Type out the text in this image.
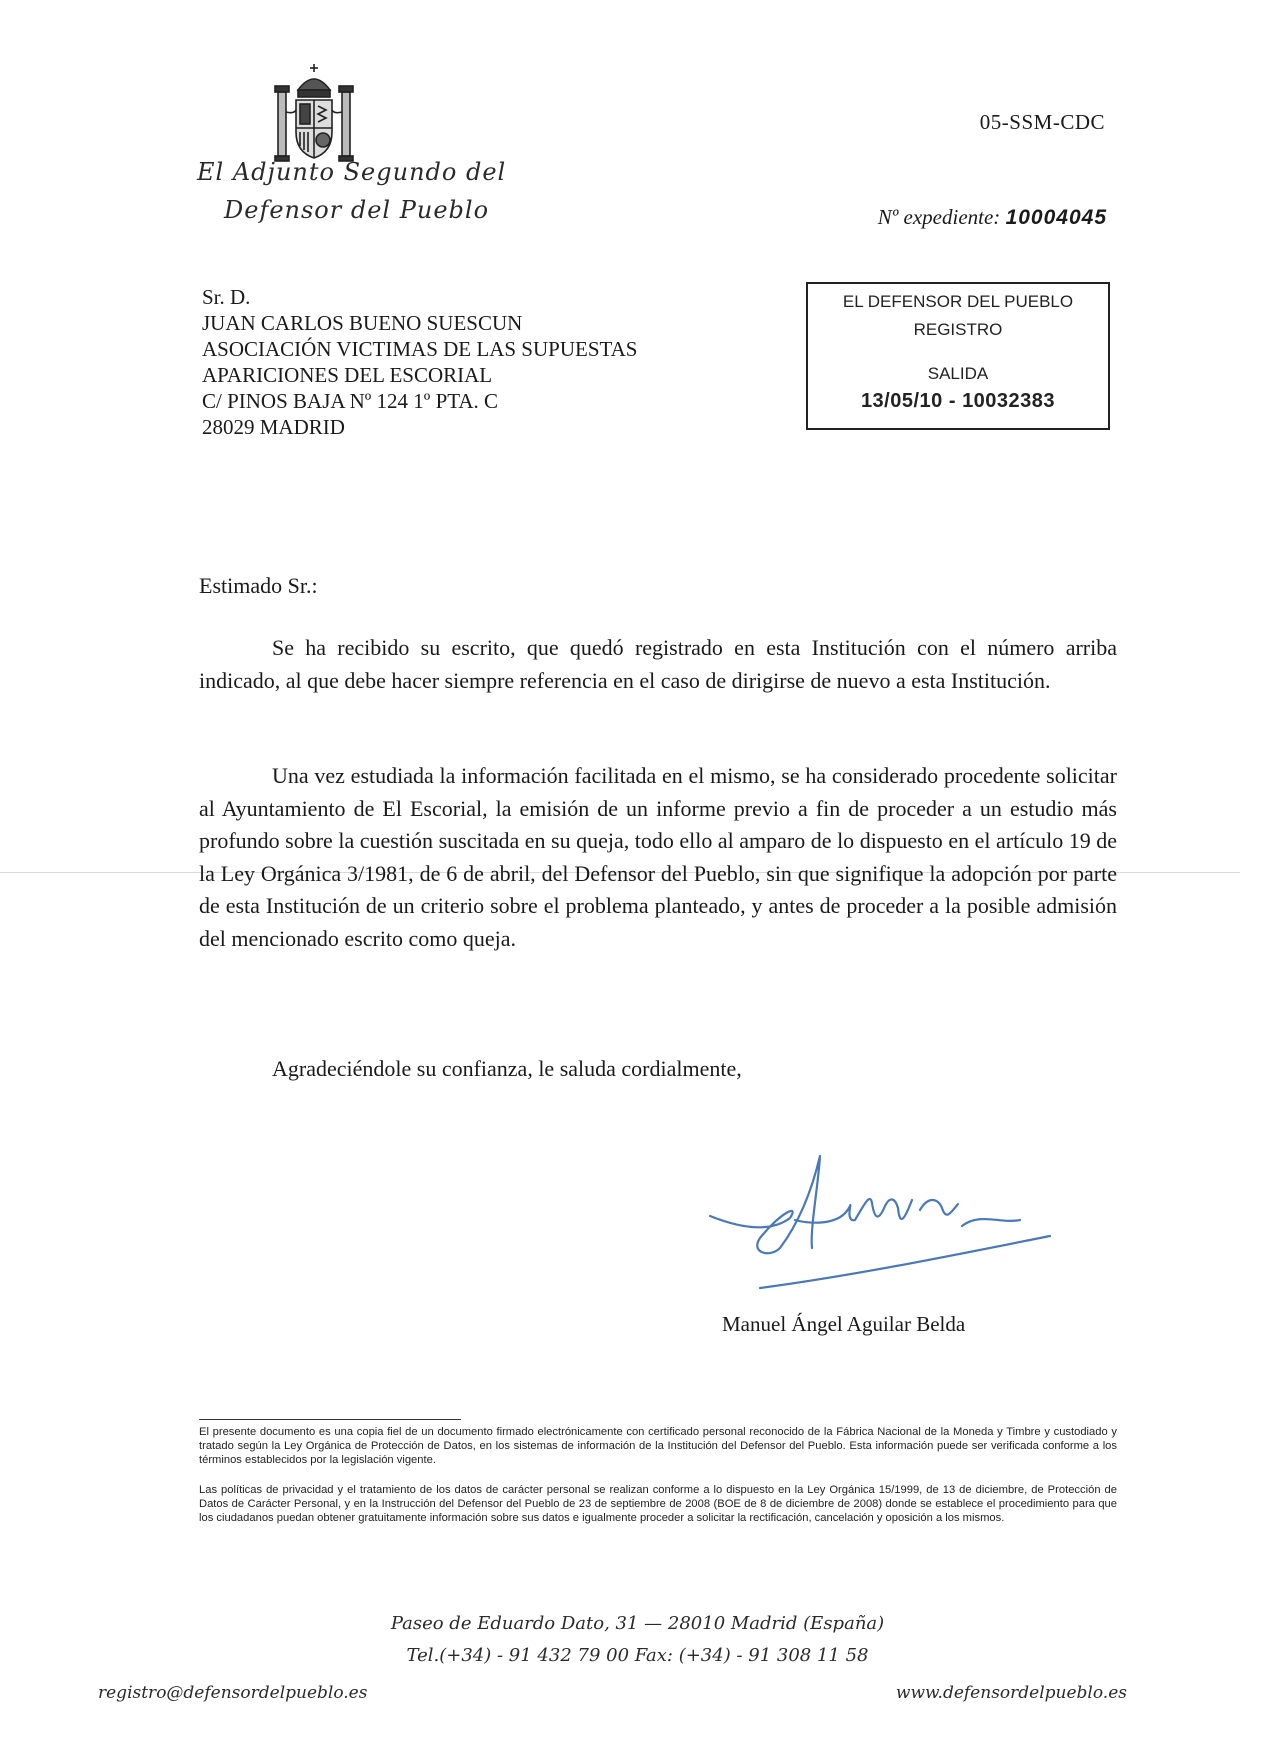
El Adjunto Segundo del
Defensor del Pueblo
05-SSM-CDC
Nº expediente: 10004045
Sr. D.
JUAN CARLOS BUENO SUESCUN
ASOCIACIÓN VICTIMAS DE LAS SUPUESTAS
APARICIONES DEL ESCORIAL
C/ PINOS BAJA Nº 124 1º PTA. C
28029 MADRID
EL DEFENSOR DEL PUEBLO
REGISTRO
SALIDA
13/05/10 - 10032383
Estimado Sr.:
Se ha recibido su escrito, que quedó registrado en esta Institución con el número arriba indicado, al que debe hacer siempre referencia en el caso de dirigirse de nuevo a esta Institución.
Una vez estudiada la información facilitada en el mismo, se ha considerado procedente solicitar al Ayuntamiento de El Escorial, la emisión de un informe previo a fin de proceder a un estudio más profundo sobre la cuestión suscitada en su queja, todo ello al amparo de lo dispuesto en el artículo 19 de la Ley Orgánica 3/1981, de 6 de abril, del Defensor del Pueblo, sin que signifique la adopción por parte de esta Institución de un criterio sobre el problema planteado, y antes de proceder a la posible admisión del mencionado escrito como queja.
Agradeciéndole su confianza, le saluda cordialmente,
Manuel Ángel Aguilar Belda
El presente documento es una copia fiel de un documento firmado electrónicamente con certificado personal reconocido de la Fábrica Nacional de la Moneda y Timbre y custodiado y tratado según la Ley Orgánica de Protección de Datos, en los sistemas de información de la Institución del Defensor del Pueblo. Esta información puede ser verificada conforme a los términos establecidos por la legislación vigente.
Las políticas de privacidad y el tratamiento de los datos de carácter personal se realizan conforme a lo dispuesto en la Ley Orgánica 15/1999, de 13 de diciembre, de Protección de Datos de Carácter Personal, y en la Instrucción del Defensor del Pueblo de 23 de septiembre de 2008 (BOE de 8 de diciembre de 2008) donde se establece el procedimiento para que los ciudadanos puedan obtener gratuitamente información sobre sus datos e igualmente proceder a solicitar la rectificación, cancelación y oposición a los mismos.
Paseo de Eduardo Dato, 31 — 28010 Madrid (España)
Tel.(+34) - 91 432 79 00 Fax: (+34) - 91 308 11 58
registro@defensordelpueblo.es	www.defensordelpueblo.es
